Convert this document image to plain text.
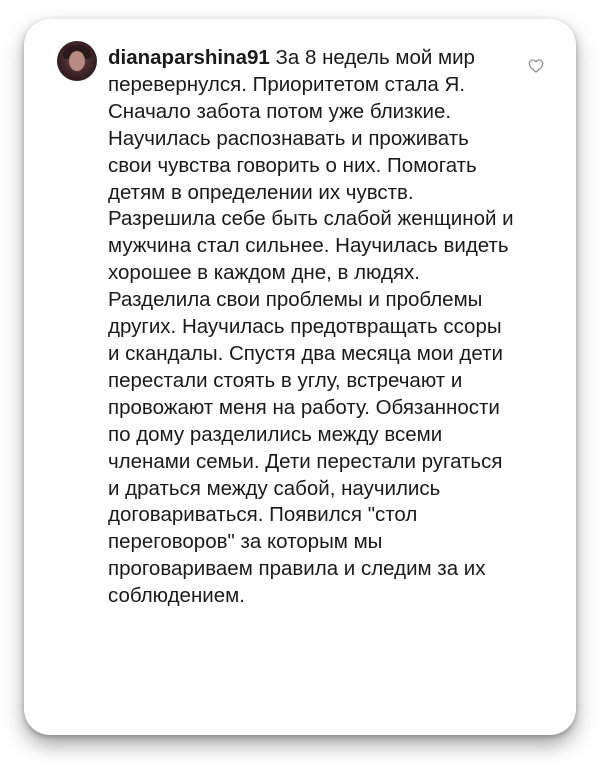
dianaparshina91 За 8 недель мой мир перевернулся. Приоритетом стала Я. Сначало забота потом уже близкие. Научилась распознавать и проживать свои чувства говорить о них. Помогать детям в определении их чувств. Разрешила себе быть слабой женщиной и мужчина стал сильнее. Научилась видеть хорошее в каждом дне, в людях. Разделила свои проблемы и проблемы других. Научилась предотвращать ссоры и скандалы. Спустя два месяца мои дети перестали стоять в углу, встречают и провожают меня на работу. Обязанности по дому разделились между всеми членами семьи. Дети перестали ругаться и драться между сабой, научились договариваться. Появился "стол переговоров" за которым мы проговариваем правила и следим за их соблюдением.
